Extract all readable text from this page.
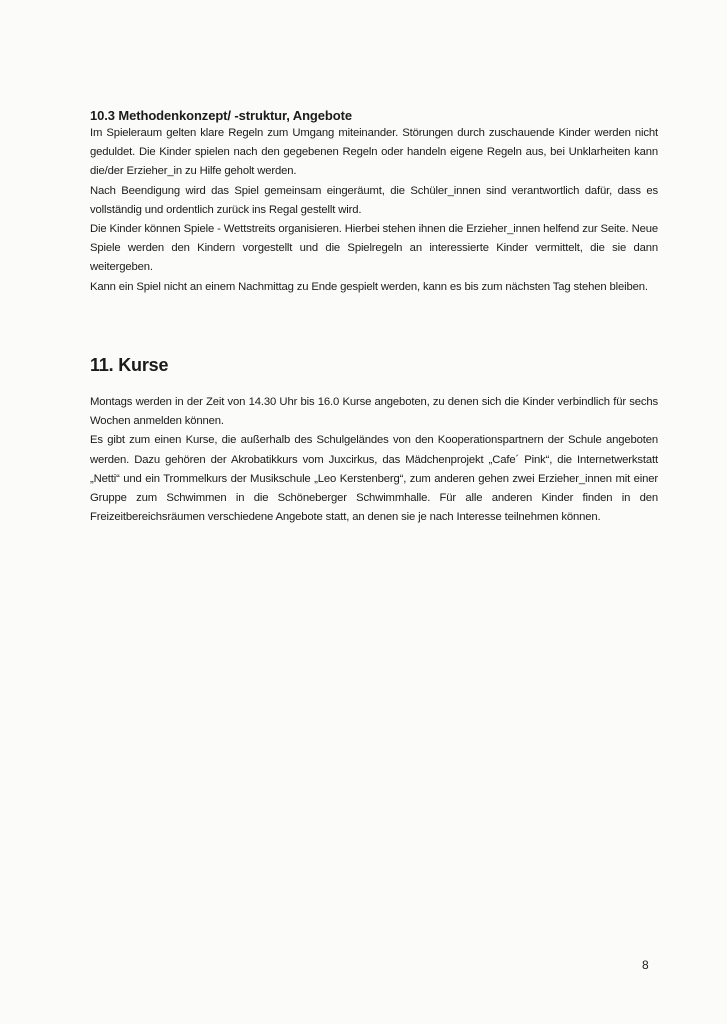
10.3 Methodenkonzept/ -struktur, Angebote

Im Spieleraum gelten klare Regeln zum Umgang miteinander. Störungen durch zuschauende Kinder werden nicht geduldet. Die Kinder spielen nach den gegebenen Regeln oder handeln eigene Regeln aus, bei Unklarheiten kann die/der Erzieher_in zu Hilfe geholt werden.

Nach Beendigung wird das Spiel gemeinsam eingeräumt, die Schüler_innen sind verantwortlich dafür, dass es vollständig und ordentlich zurück ins Regal gestellt wird.

Die Kinder können Spiele - Wettstreits organisieren. Hierbei stehen ihnen die Erzieher_innen helfend zur Seite. Neue Spiele werden den Kindern vorgestellt und die Spielregeln an interessierte Kinder vermittelt, die sie dann weitergeben.

Kann ein Spiel nicht an einem Nachmittag zu Ende gespielt werden, kann es bis zum nächsten Tag stehen bleiben.

11. Kurse

Montags werden in der Zeit von 14.30 Uhr bis 16.0 Kurse angeboten, zu denen sich die Kinder verbindlich für sechs Wochen anmelden können.

Es gibt zum einen Kurse, die außerhalb des Schulgeländes von den Kooperationspartnern der Schule angeboten werden. Dazu gehören der Akrobatikkurs vom Juxcirkus, das Mädchenprojekt „Cafe´ Pink“, die Internetwerkstatt „Netti“ und ein Trommelkurs der Musikschule „Leo Kerstenberg“, zum anderen gehen zwei Erzieher_innen mit einer Gruppe zum Schwimmen in die Schöneberger Schwimmhalle. Für alle anderen Kinder finden in den Freizeitbereichsräumen verschiedene Angebote statt, an denen sie je nach Interesse teilnehmen können.

8
